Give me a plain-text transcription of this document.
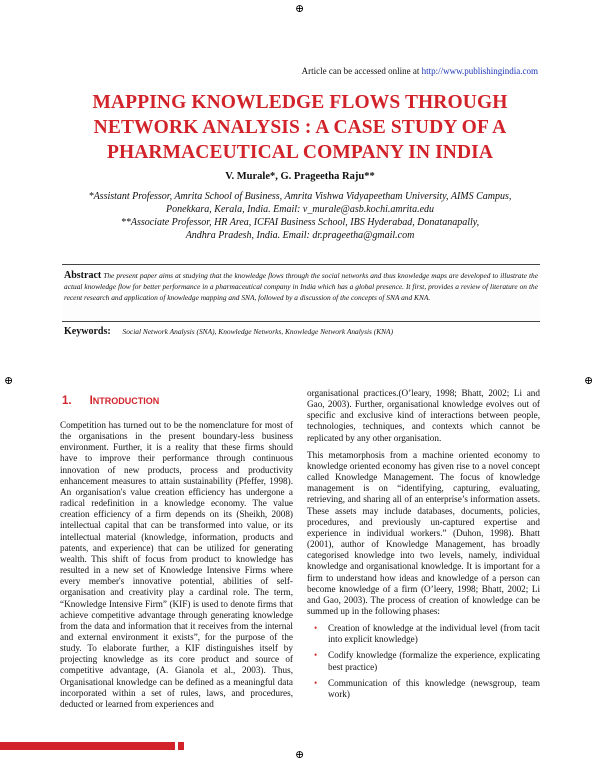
⊕
⊕	⊕
⊕
Article can be accessed online at http://www.publishingindia.com
MAPPING KNOWLEDGE FLOWS THROUGH
NETWORK ANALYSIS : A CASE STUDY OF A
PHARMACEUTICAL COMPANY IN INDIA
V. Murale*, G. Prageetha Raju**
*Assistant Professor, Amrita School of Business, Amrita Vishwa Vidyapeetham University, AIMS Campus,
Ponekkara, Kerala, India. Email: v_murale@asb.kochi.amrita.edu
**Associate Professor, HR Area, ICFAI Business School, IBS Hyderabad, Donatanapally,
Andhra Pradesh, India. Email: dr.prageetha@gmail.com
Abstract The present paper aims at studying that the knowledge flows through the social networks and thus knowledge maps are developed to illustrate the actual knowledge flow for better performance in a pharmaceutical company in India which has a global presence. It first, provides a review of literature on the recent research and application of knowledge mapping and SNA, followed by a discussion of the concepts of SNA and KNA.
Keywords: Social Network Analysis (SNA), Knowledge Networks, Knowledge Network Analysis (KNA)
1. INTRODUCTION

Competition has turned out to be the nomenclature for most of the organisations in the present boundary-less business environment. Further, it is a reality that these firms should have to improve their performance through continuous innovation of new products, process and productivity enhancement measures to attain sustainability (Pfeffer, 1998). An organisation's value creation efficiency has undergone a radical redefinition in a knowledge economy. The value creation efficiency of a firm depends on its (Sheikh, 2008) intellectual capital that can be transformed into value, or its intellectual material (knowledge, information, products and patents, and experience) that can be utilized for generating wealth. This shift of focus from product to knowledge has resulted in a new set of Knowledge Intensive Firms where every member's innovative potential, abilities of self-organisation and creativity play a cardinal role. The term, “Knowledge Intensive Firm” (KIF) is used to denote firms that achieve competitive advantage through generating knowledge from the data and information that it receives from the internal and external environment it exists”, for the purpose of the study. To elaborate further, a KIF distinguishes itself by projecting knowledge as its core product and source of competitive advantage, (A. Gianola et al., 2003). Thus, Organisational knowledge can be defined as a meaningful data incorporated within a set of rules, laws, and procedures, deducted or learned from experiences and

organisational practices.(O’leary, 1998; Bhatt, 2002; Li and Gao, 2003). Further, organisational knowledge evolves out of specific and exclusive kind of interactions between people, technologies, techniques, and contexts which cannot be replicated by any other organisation.

This metamorphosis from a machine oriented economy to knowledge oriented economy has given rise to a novel concept called Knowledge Management. The focus of knowledge management is on “identifying, capturing, evaluating, retrieving, and sharing all of an enterprise’s information assets. These assets may include databases, documents, policies, procedures, and previously un-captured expertise and experience in individual workers.” (Duhon, 1998). Bhatt (2001), author of Knowledge Management, has broadly categorised knowledge into two levels, namely, individual knowledge and organisational knowledge. It is important for a firm to understand how ideas and knowledge of a person can become knowledge of a firm (O’leery, 1998; Bhatt, 2002; Li and Gao, 2003). The process of creation of knowledge can be summed up in the following phases:

• Creation of knowledge at the individual level (from tacit into explicit knowledge)
• Codify knowledge (formalize the experience, explicating best practice)
• Communication of this knowledge (newsgroup, team work)
